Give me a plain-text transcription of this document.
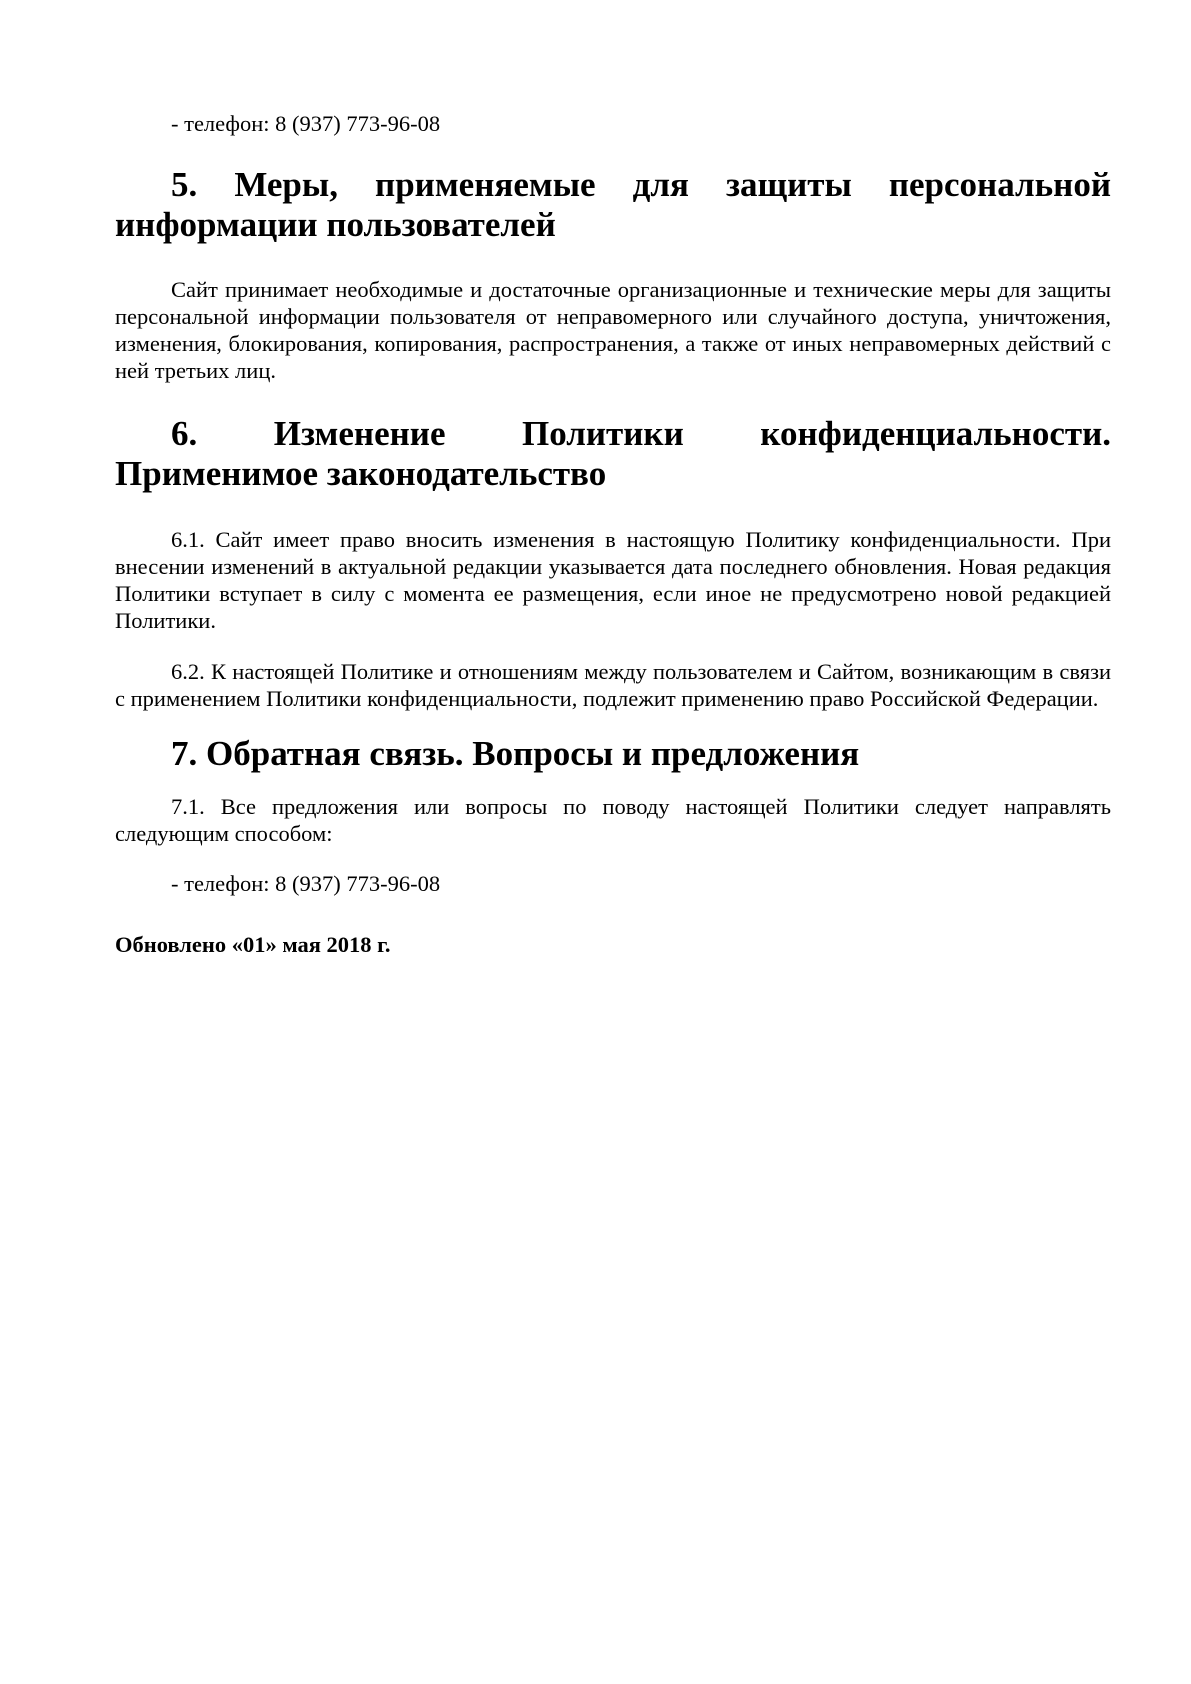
- телефон: 8 (937) 773-96-08

5. Меры, применяемые для защиты персональной информации пользователей

Сайт принимает необходимые и достаточные организационные и технические меры для защиты персональной информации пользователя от неправомерного или случайного доступа, уничтожения, изменения, блокирования, копирования, распространения, а также от иных неправомерных действий с ней третьих лиц.

6. Изменение Политики конфиденциальности. Применимое законодательство

6.1. Сайт имеет право вносить изменения в настоящую Политику конфиденциальности. При внесении изменений в актуальной редакции указывается дата последнего обновления. Новая редакция Политики вступает в силу с момента ее размещения, если иное не предусмотрено новой редакцией Политики.

6.2. К настоящей Политике и отношениям между пользователем и Сайтом, возникающим в связи с применением Политики конфиденциальности, подлежит применению право Российской Федерации.

7. Обратная связь. Вопросы и предложения

7.1. Все предложения или вопросы по поводу настоящей Политики следует направлять следующим способом:

- телефон: 8 (937) 773-96-08

Обновлено «01» мая 2018 г.
